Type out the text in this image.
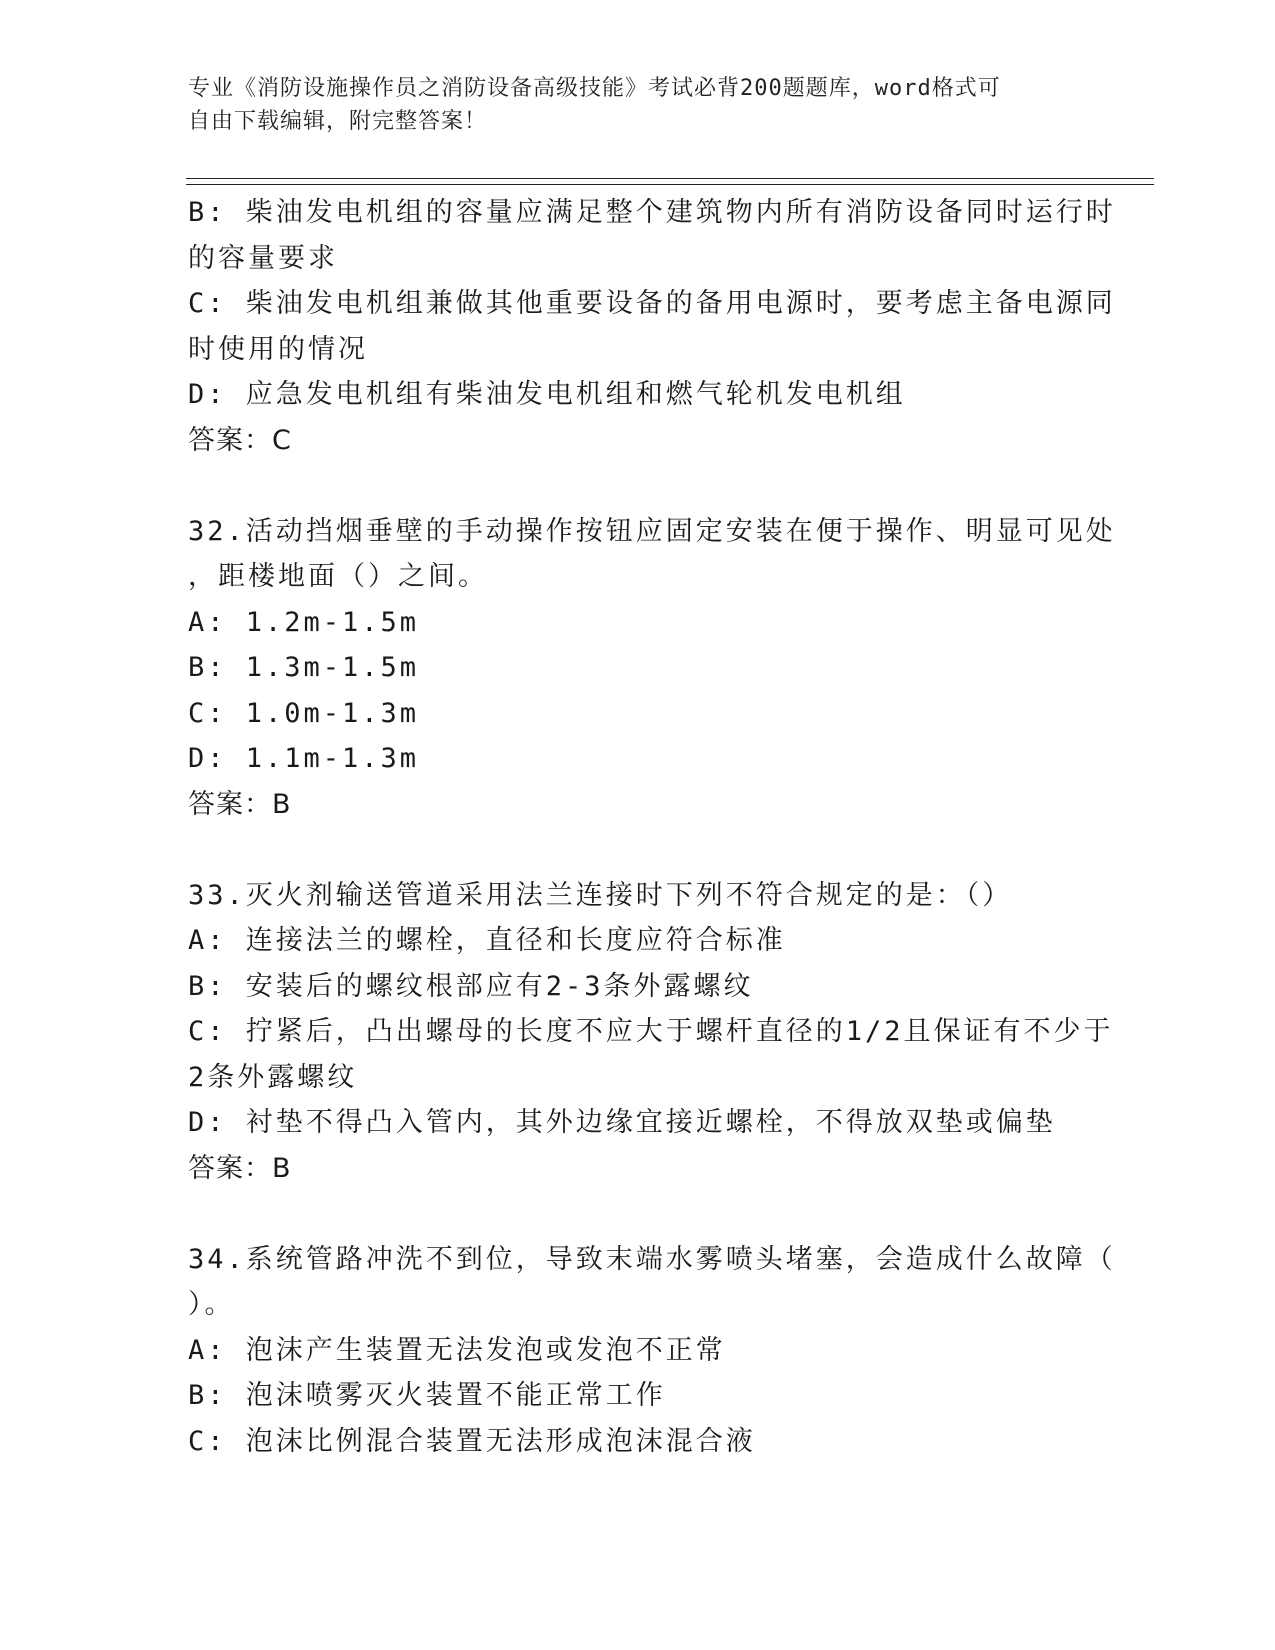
专业《消防设施操作员之消防设备高级技能》考试必背200题题库，word格式可
自由下载编辑，附完整答案！
B: 柴油发电机组的容量应满足整个建筑物内所有消防设备同时运行时
的容量要求
C: 柴油发电机组兼做其他重要设备的备用电源时，要考虑主备电源同
时使用的情况
D: 应急发电机组有柴油发电机组和燃气轮机发电机组
答案：C
32.活动挡烟垂壁的手动操作按钮应固定安装在便于操作、明显可见处
，距楼地面（）之间。
A: 1.2m-1.5m
B: 1.3m-1.5m
C: 1.0m-1.3m
D: 1.1m-1.3m
答案：B
33.灭火剂输送管道采用法兰连接时下列不符合规定的是：（）
A: 连接法兰的螺栓，直径和长度应符合标准
B: 安装后的螺纹根部应有2-3条外露螺纹
C: 拧紧后，凸出螺母的长度不应大于螺杆直径的1/2且保证有不少于
2条外露螺纹
D: 衬垫不得凸入管内，其外边缘宜接近螺栓，不得放双垫或偏垫
答案：B
34.系统管路冲洗不到位，导致末端水雾喷头堵塞，会造成什么故障（
）。
A: 泡沫产生装置无法发泡或发泡不正常
B: 泡沫喷雾灭火装置不能正常工作
C: 泡沫比例混合装置无法形成泡沫混合液
